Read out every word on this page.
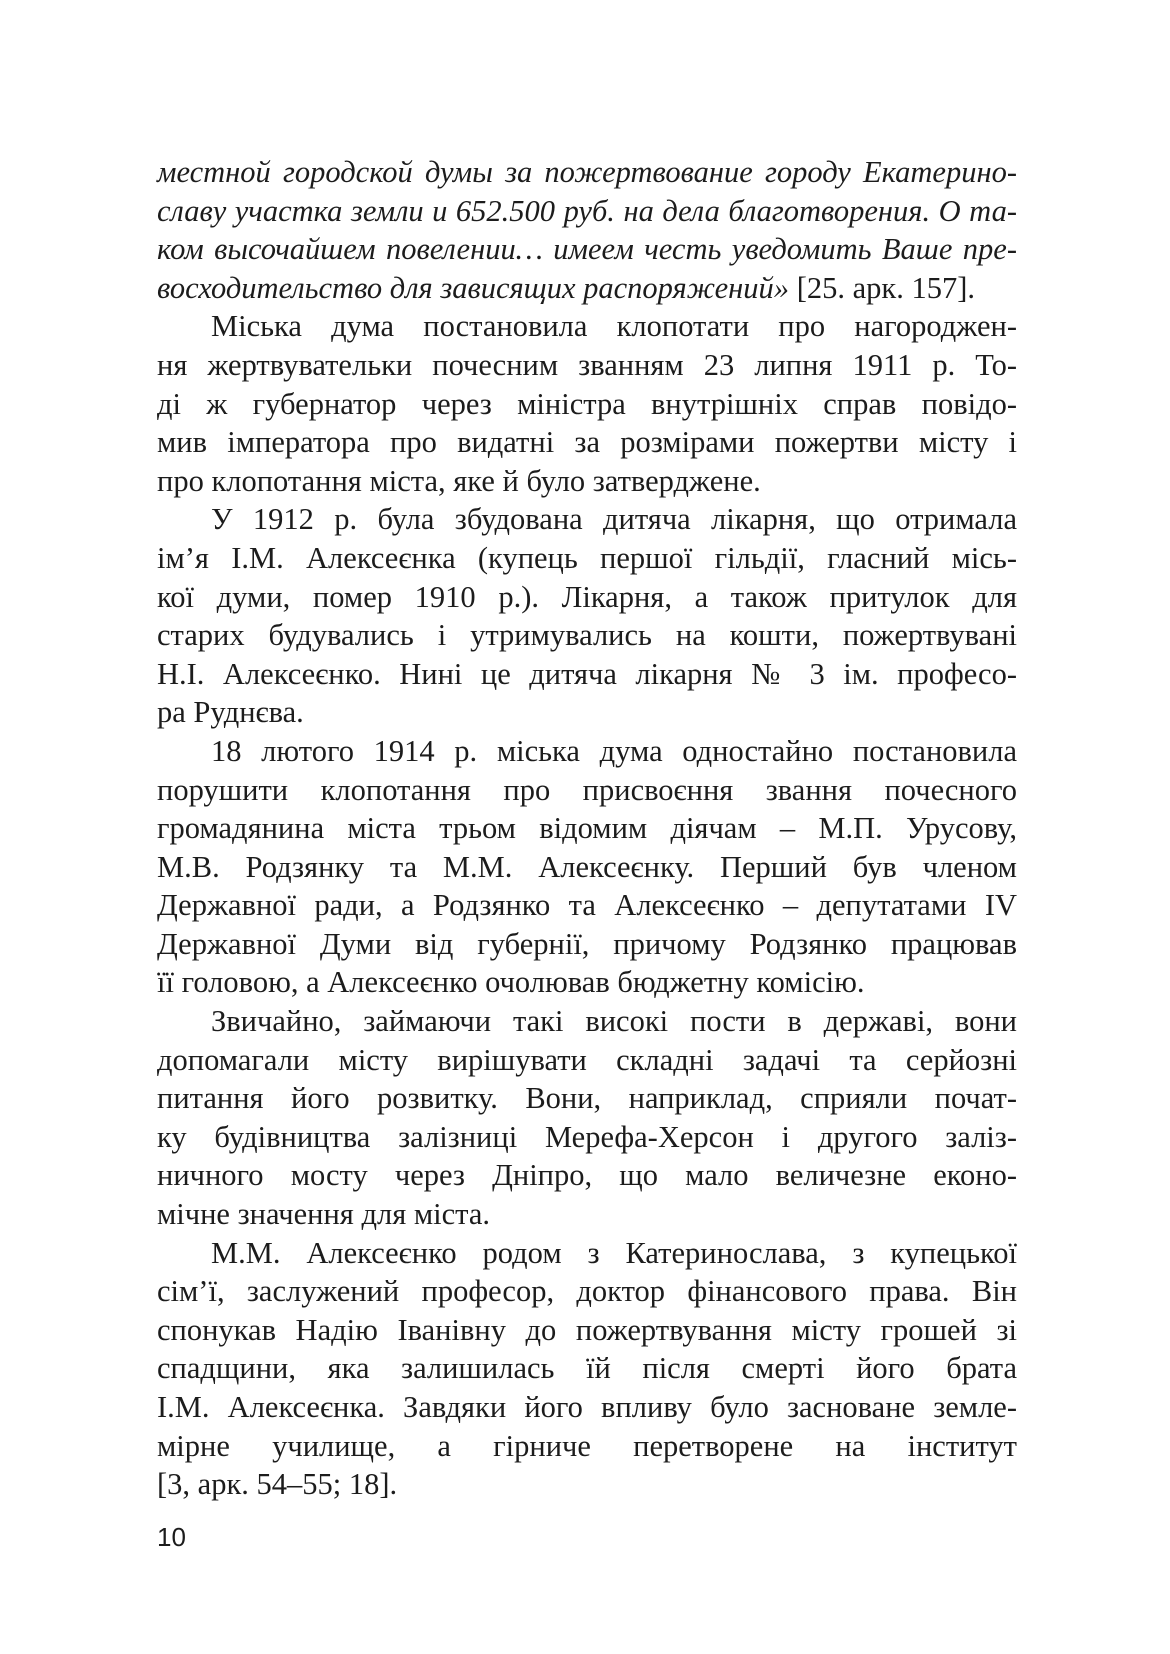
местной городской думы за пожертвование городу Екатерино-
славу участка земли и 652.500 руб. на дела благотворения. О та-
ком высочайшем повелении… имеем честь уведомить Ваше пре-
восходительство для зависящих распоряжений» [25. арк. 157].
Міська дума постановила клопотати про нагороджен-
ня жертвувательки почесним званням 23 липня 1911 р. То-
ді ж губернатор через міністра внутрішніх справ повідо-
мив імператора про видатні за розмірами пожертви місту і
про клопотання міста, яке й було затверджене.
У 1912 р. була збудована дитяча лікарня, що отримала
ім’я І.М. Алексеєнка (купець першої гільдії, гласний місь-
кої думи, помер 1910 р.). Лікарня, а також притулок для
старих будувались і утримувались на кошти, пожертвувані
Н.І. Алексеєнко. Нині це дитяча лікарня № 3 ім. професо-
ра Руднєва.
18 лютого 1914 р. міська дума одностайно постановила
порушити клопотання про присвоєння звання почесного
громадянина міста трьом відомим діячам – М.П. Урусову,
М.В. Родзянку та М.М. Алексеєнку. Перший був членом
Державної ради, а Родзянко та Алексеєнко – депутатами IV
Державної Думи від губернії, причому Родзянко працював
її головою, а Алексеєнко очолював бюджетну комісію.
Звичайно, займаючи такі високі пости в державі, вони
допомагали місту вирішувати складні задачі та серйозні
питання його розвитку. Вони, наприклад, сприяли почат-
ку будівництва залізниці Мерефа-Херсон і другого заліз-
ничного мосту через Дніпро, що мало величезне еконо-
мічне значення для міста.
М.М. Алексеєнко родом з Катеринослава, з купецької
сім’ї, заслужений професор, доктор фінансового права. Він
спонукав Надію Іванівну до пожертвування місту грошей зі
спадщини, яка залишилась їй після смерті його брата
І.М. Алексеєнка. Завдяки його впливу було засноване земле-
мірне училище, а гірниче перетворене на інститут
[3, арк. 54–55; 18].
10
